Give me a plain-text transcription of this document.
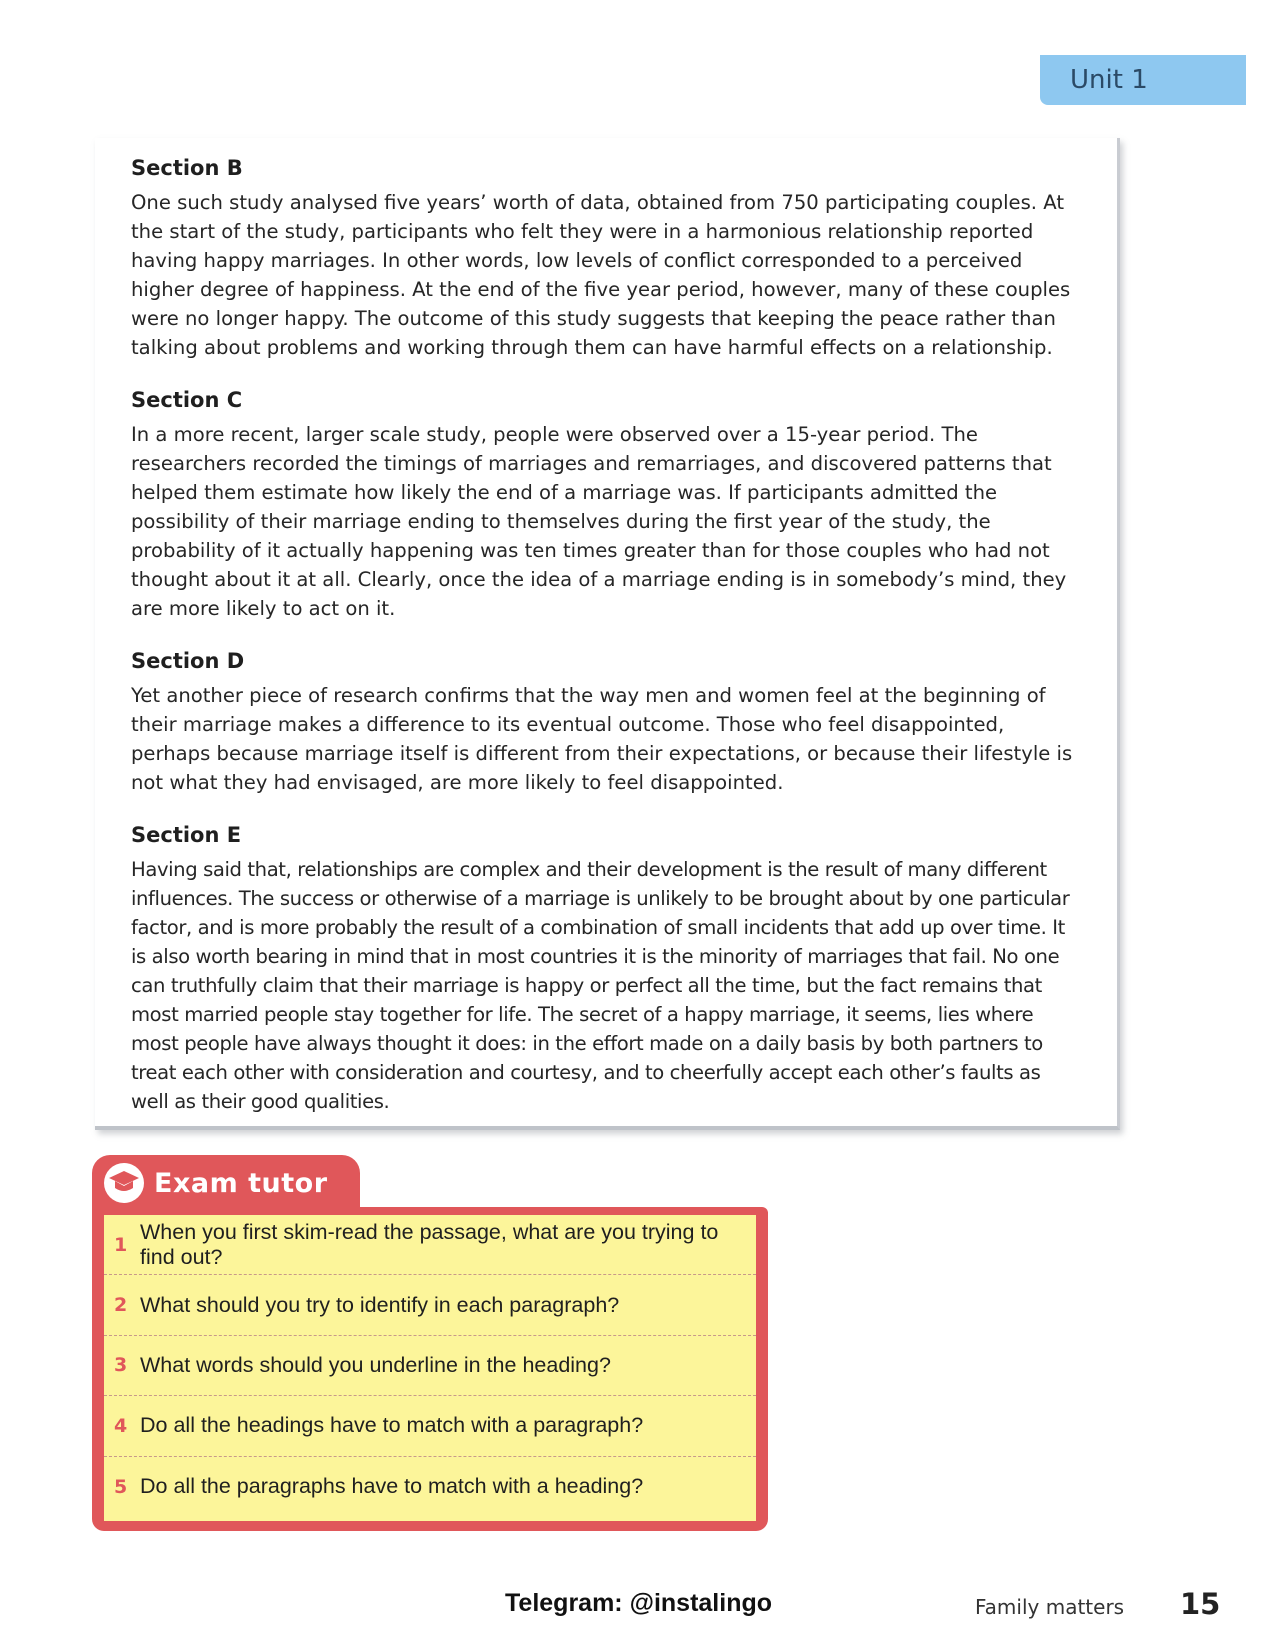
Unit 1
Section B

One such study analysed five years’ worth of data, obtained from 750 participating couples. At the start of the study, participants who felt they were in a harmonious relationship reported having happy marriages. In other words, low levels of conflict corresponded to a perceived higher degree of happiness. At the end of the five year period, however, many of these couples were no longer happy. The outcome of this study suggests that keeping the peace rather than talking about problems and working through them can have harmful effects on a relationship.

Section C

In a more recent, larger scale study, people were observed over a 15-year period. The researchers recorded the timings of marriages and remarriages, and discovered patterns that helped them estimate how likely the end of a marriage was. If participants admitted the possibility of their marriage ending to themselves during the first year of the study, the probability of it actually happening was ten times greater than for those couples who had not thought about it at all. Clearly, once the idea of a marriage ending is in somebody’s mind, they are more likely to act on it.

Section D

Yet another piece of research confirms that the way men and women feel at the beginning of their marriage makes a difference to its eventual outcome. Those who feel disappointed, perhaps because marriage itself is different from their expectations, or because their lifestyle is not what they had envisaged, are more likely to feel disappointed.

Section E

Having said that, relationships are complex and their development is the result of many different influences. The success or otherwise of a marriage is unlikely to be brought about by one particular factor, and is more probably the result of a combination of small incidents that add up over time. It is also worth bearing in mind that in most countries it is the minority of marriages that fail. No one can truthfully claim that their marriage is happy or perfect all the time, but the fact remains that most married people stay together for life. The secret of a happy marriage, it seems, lies where most people have always thought it does: in the effort made on a daily basis by both partners to treat each other with consideration and courtesy, and to cheerfully accept each other’s faults as well as their good qualities.

Exam tutor
1
When you first skim-read the passage, what are you trying to find out?
2 What should you try to identify in each paragraph?
3 What words should you underline in the heading?
4 Do all the headings have to match with a paragraph?
5 Do all the paragraphs have to match with a heading?
Telegram: @instalingo	Family matters 15
